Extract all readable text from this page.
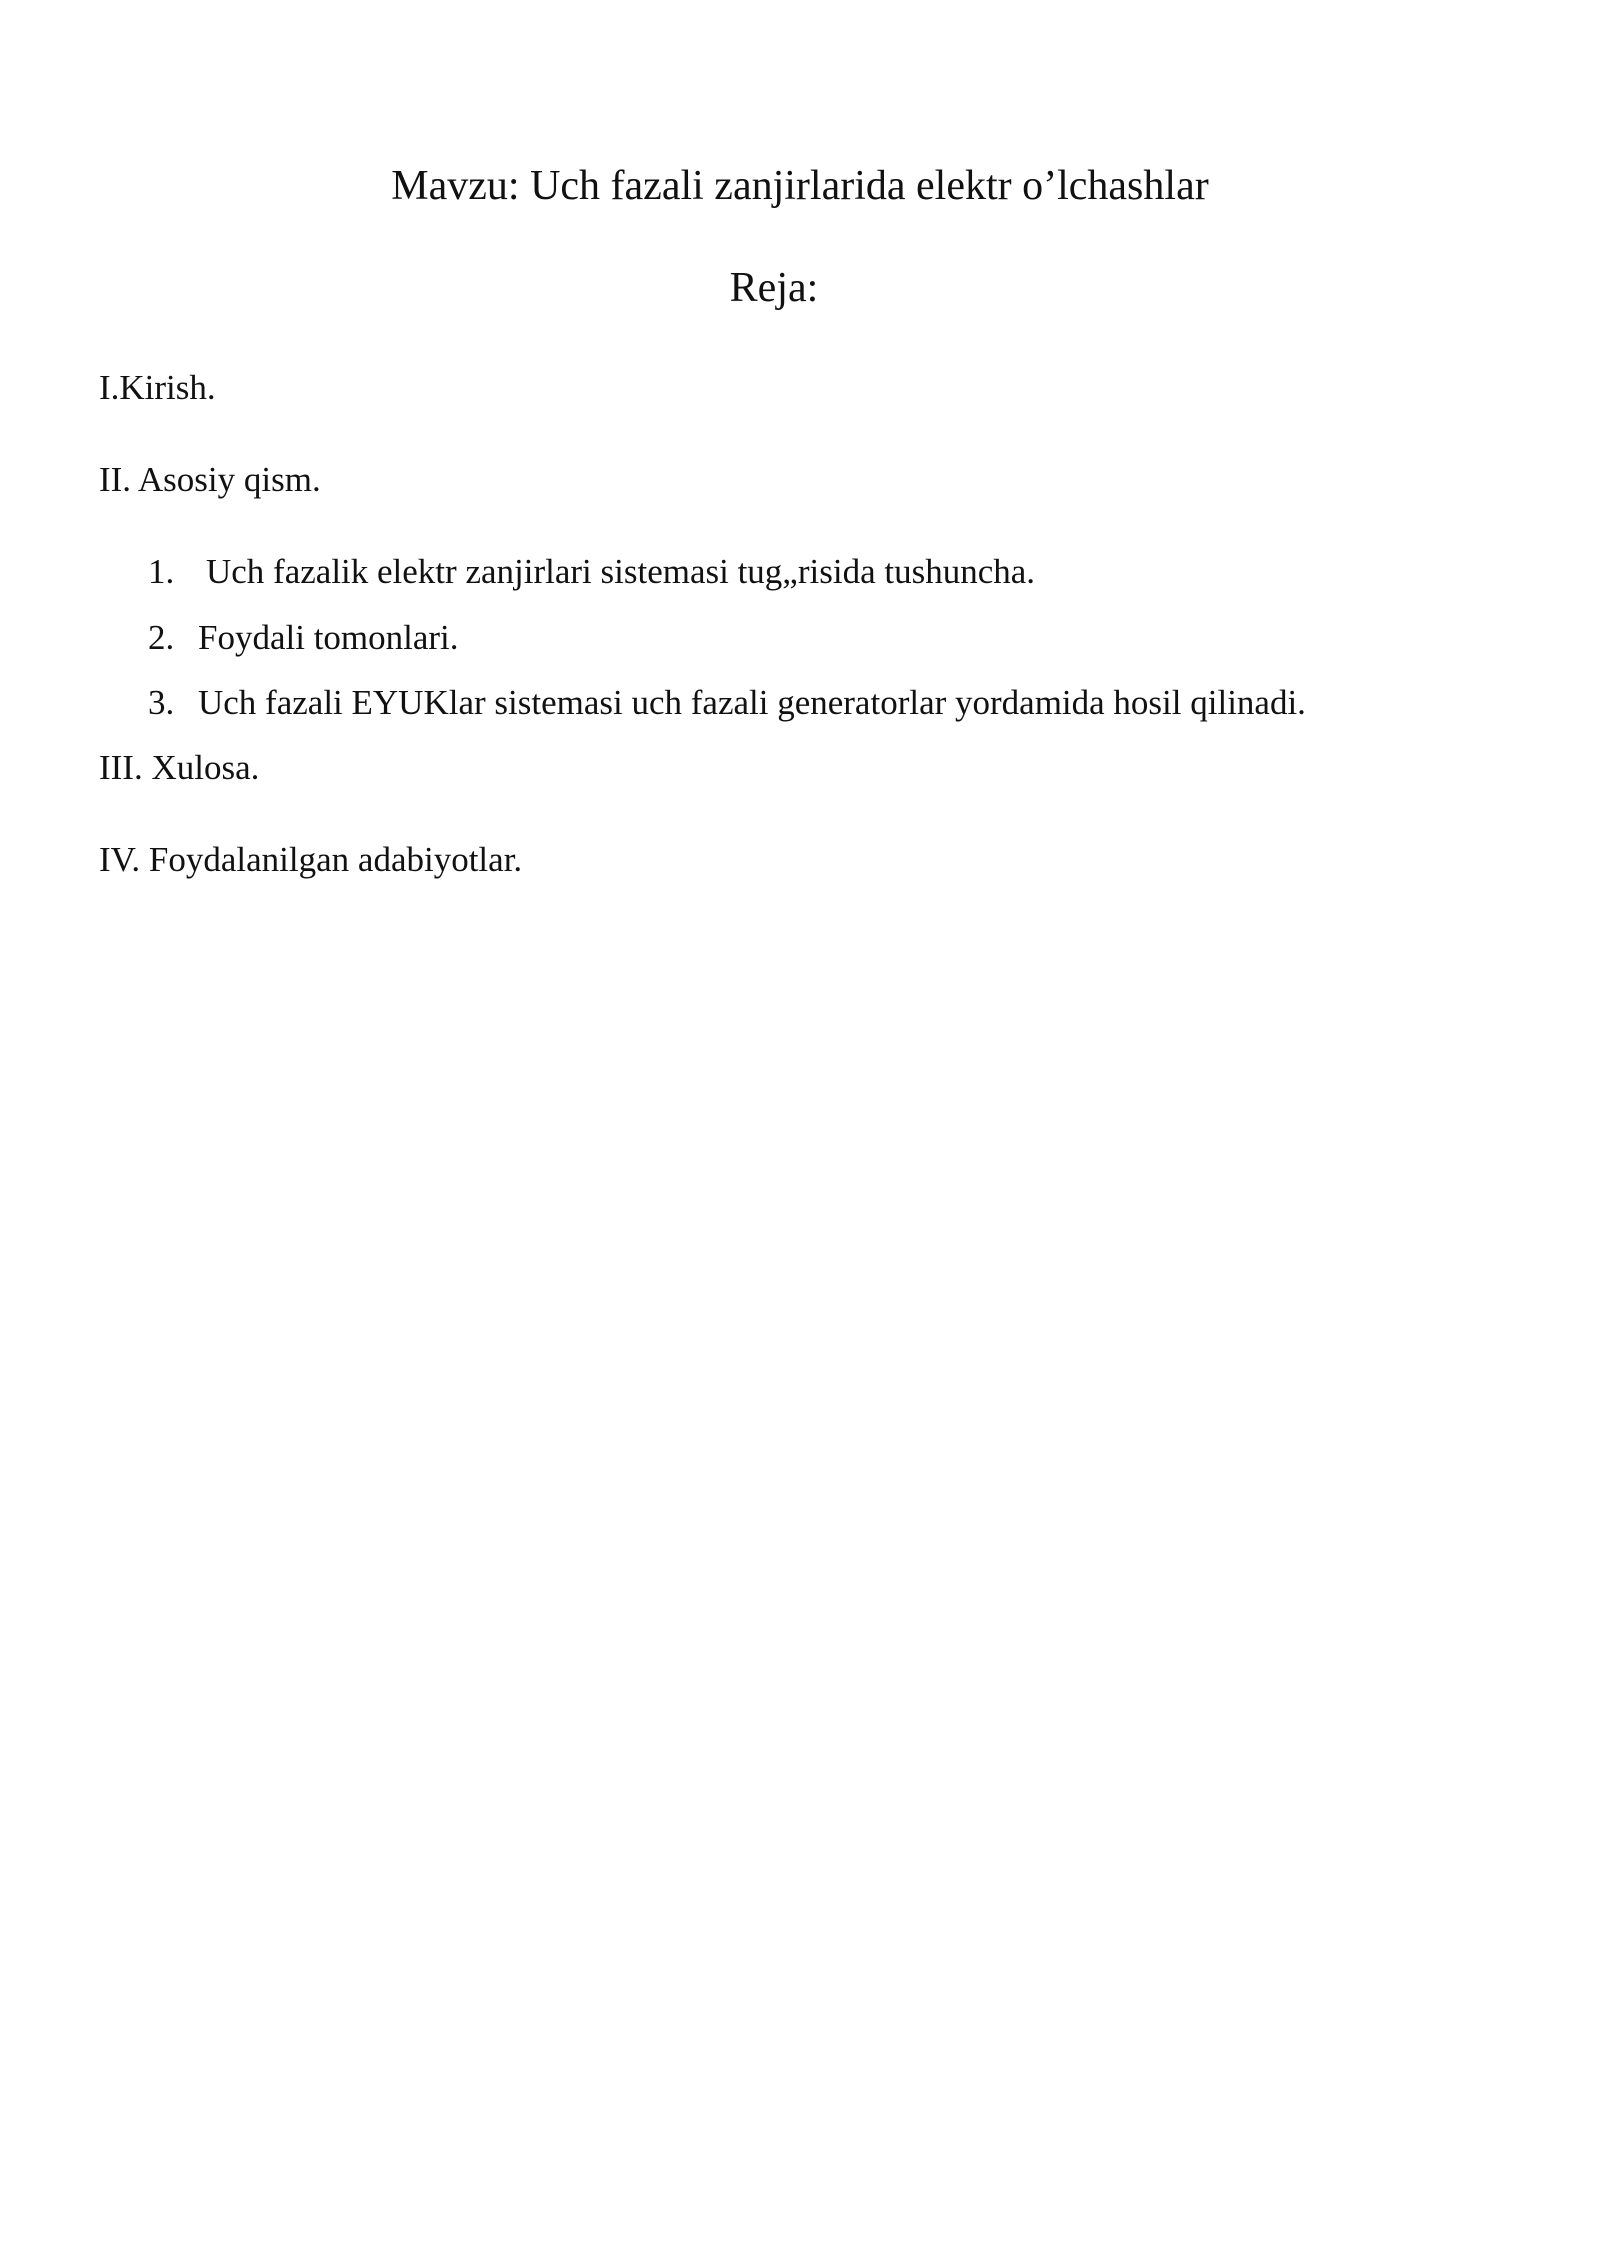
Mavzu: Uch fazali zanjirlarida elektr o’lchashlar
Reja:
I.Kirish.
II. Asosiy qism.
1. Uch fazalik elektr zanjirlari sistemasi tug„risida tushuncha.
2. Foydali tomonlari.
3. Uch fazali EYUKlar sistemasi uch fazali generatorlar yordamida hosil qilinadi.
III. Xulosa.
IV. Foydalanilgan adabiyotlar.
